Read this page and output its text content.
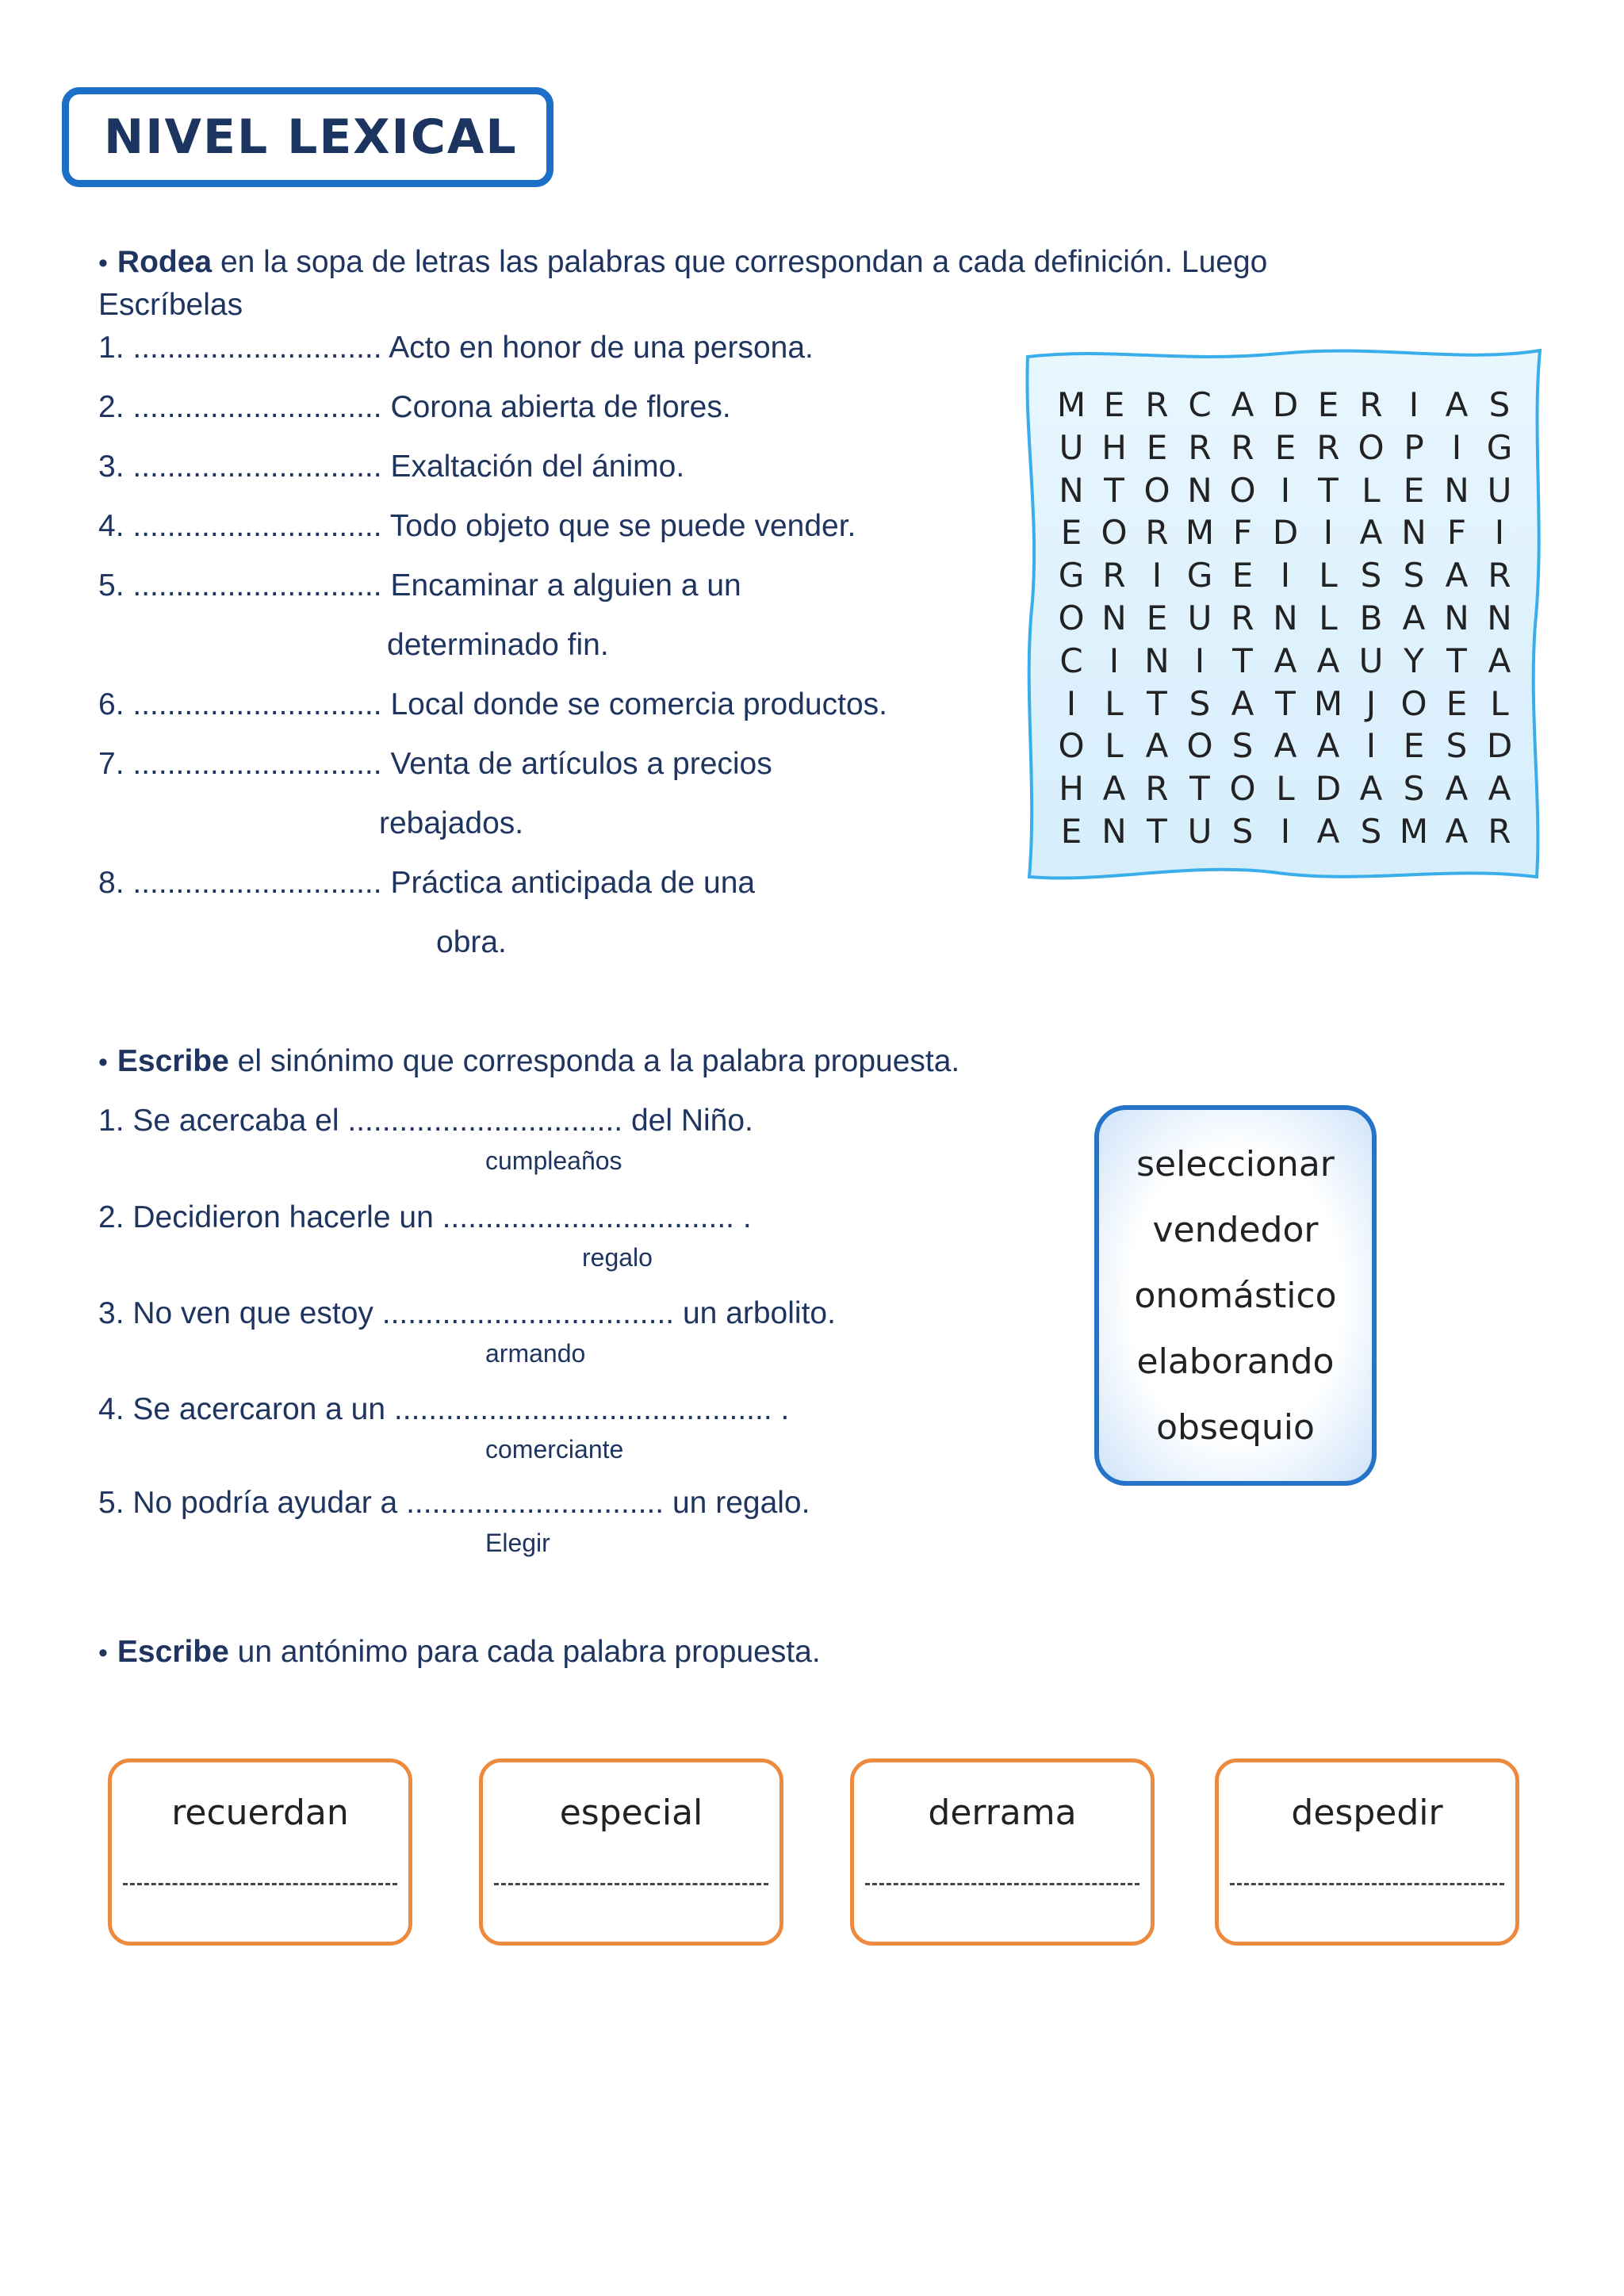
NIVEL LEXICAL
• Rodea en la sopa de letras las palabras que correspondan a cada definición. Luego
Escríbelas
1. ............................. Acto en honor de una persona.
2. ............................. Corona abierta de flores.
3. ............................. Exaltación del ánimo.
4. ............................. Todo objeto que se puede vender.
5. ............................. Encaminar a alguien a un
determinado fin.
6. ............................. Local donde se comercia productos.
7. ............................. Venta de artículos a precios
rebajados.
8. ............................. Práctica anticipada de una
obra.
M E R C A D E R I A S
U H E R R E R O P I G
N T O N O I T L E N U
E O R M F D I A N F I
G R I G E I L S S A R
O N E U R N L B A N N
C I N I T A A U Y T A
I L T S A T M J O E L
O L A O S A A I E S D
H A R T O L D A S A A
E N T U S I A S M A R
• Escribe el sinónimo que corresponda a la palabra propuesta.
1. Se acercaba el ................................ del Niño.
cumpleaños
2. Decidieron hacerle un .................................. .
regalo
3. No ven que estoy .................................. un arbolito.
armando
4. Se acercaron a un ............................................ .
comerciante
5. No podría ayudar a .............................. un regalo.
Elegir
seleccionar
vendedor
onomástico
elaborando
obsequio
• Escribe un antónimo para cada palabra propuesta.
recuerdan	especial	derrama	despedir
